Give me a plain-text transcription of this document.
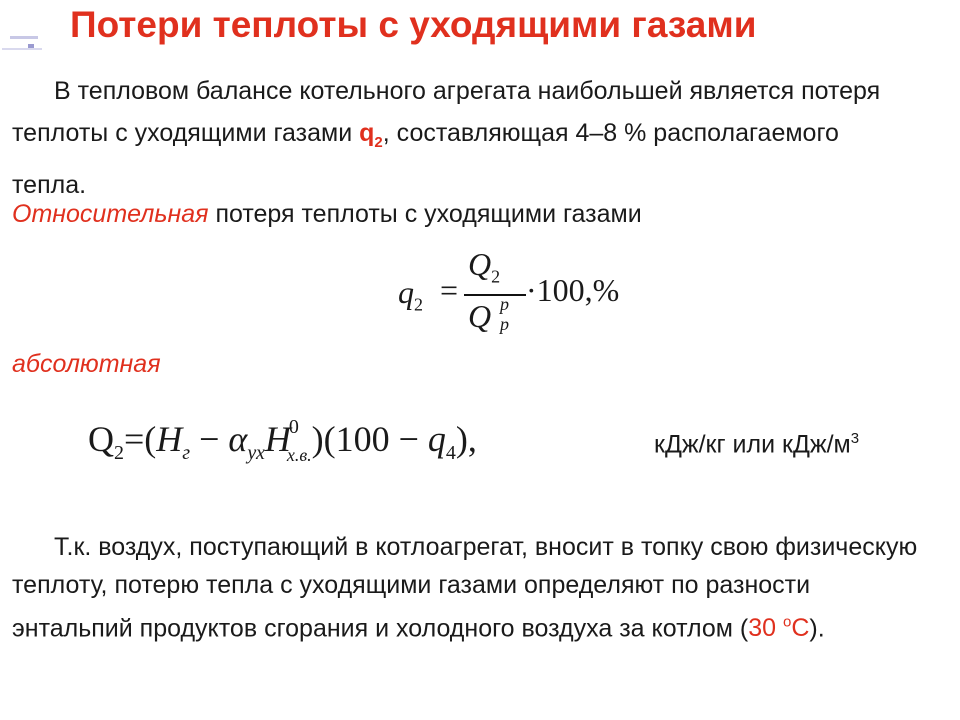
Потери теплоты с уходящими газами
В тепловом балансе котельного агрегата наибольшей является потеря теплоты с уходящими газами $q_2$, составляющая 4–8 % располагаемого тепла.
Относительная потеря теплоты с уходящими газами
$q_2$ =
$Q_2$
Q p
p
·100,%
абсолютная
$Q_2=(H_г - \alpha_{ух}H^0_{х.в.})(100 - q_4)$,	кДж/кг или кДж/$м^3$
Т.к. воздух, поступающий в котлоагрегат, вносит в топку свою физическую теплоту, потерю тепла с уходящими газами определяют по разности энтальпий продуктов сгорания и холодного воздуха за котлом (30 $^о$С).
